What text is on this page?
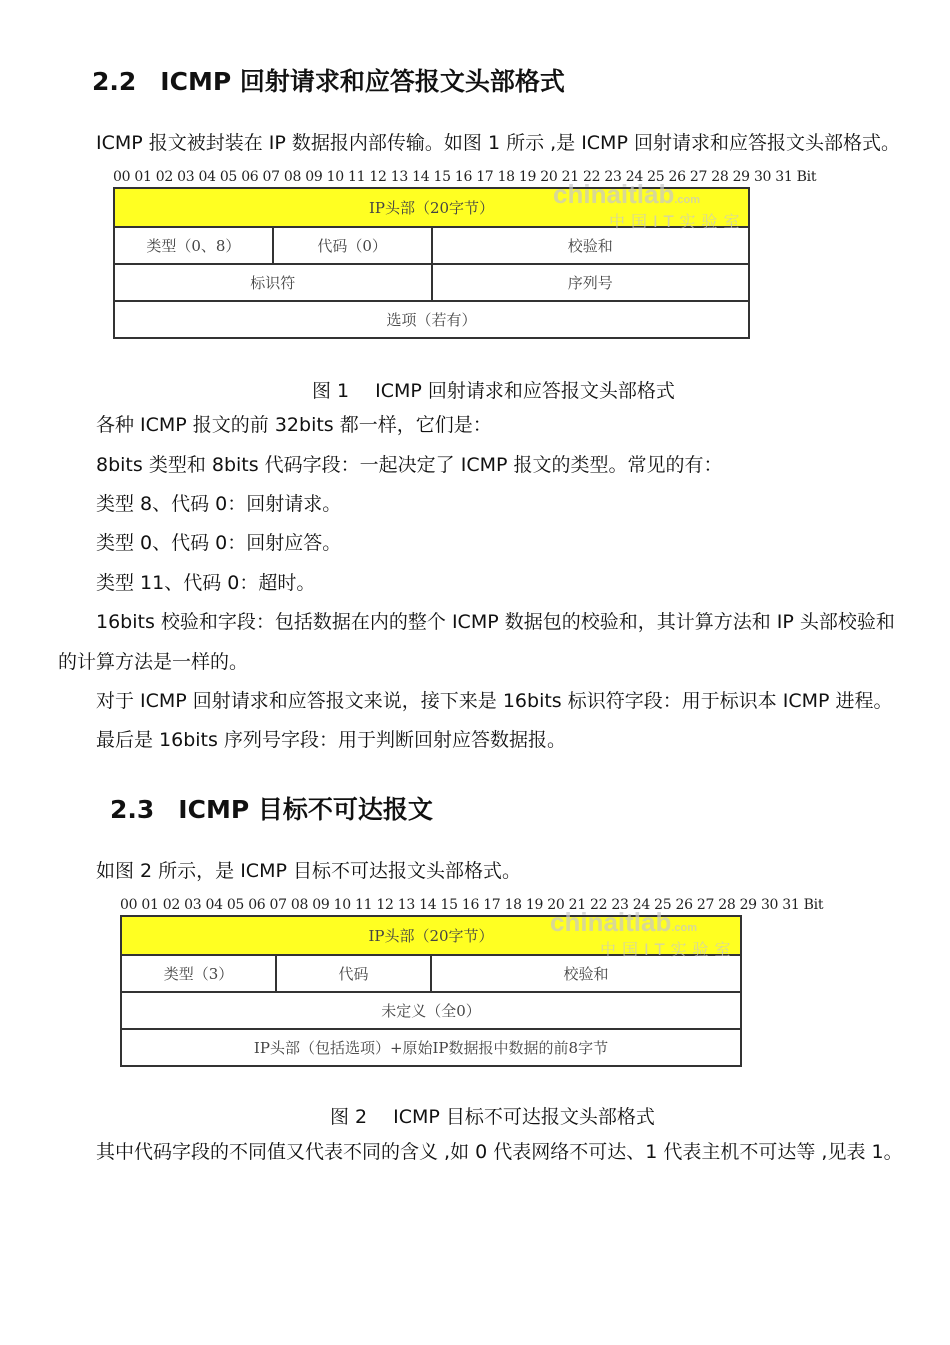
2.2 ICMP 回射请求和应答报文头部格式
ICMP 报文被封装在 IP 数据报内部传输。如图 1 所示 ,是 ICMP 回射请求和应答报文头部格式。
00 01 02 03 04 05 06 07 08 09 10 11 12 13 14 15 16 17 18 19 20 21 22 23 24 25 26 27 28 29 30 31 Bit
IP头部（20字节）		
类型（0、8）	代码（0）	校验和
标识符		序列号
选项（若有）		
chinaitlab.com
中国IT实验室
图 1 ICMP 回射请求和应答报文头部格式
各种 ICMP 报文的前 32bits 都一样，它们是：
8bits 类型和 8bits 代码字段：一起决定了 ICMP 报文的类型。常见的有：
类型 8、代码 0：回射请求。
类型 0、代码 0：回射应答。
类型 11、代码 0：超时。
16bits 校验和字段：包括数据在内的整个 ICMP 数据包的校验和，其计算方法和 IP 头部校验和
的计算方法是一样的。
对于 ICMP 回射请求和应答报文来说，接下来是 16bits 标识符字段：用于标识本 ICMP 进程。
最后是 16bits 序列号字段：用于判断回射应答数据报。
2.3 ICMP 目标不可达报文
如图 2 所示，是 ICMP 目标不可达报文头部格式。
00 01 02 03 04 05 06 07 08 09 10 11 12 13 14 15 16 17 18 19 20 21 22 23 24 25 26 27 28 29 30 31 Bit
IP头部（20字节）
类型（3）	代码	校验和
未定义（全0）
IP头部（包括选项）+原始IP数据报中数据的前8字节
chinaitlab.com
中国IT实验室
图 2 ICMP 目标不可达报文头部格式
其中代码字段的不同值又代表不同的含义 ,如 0 代表网络不可达、1 代表主机不可达等 ,见表 1。
